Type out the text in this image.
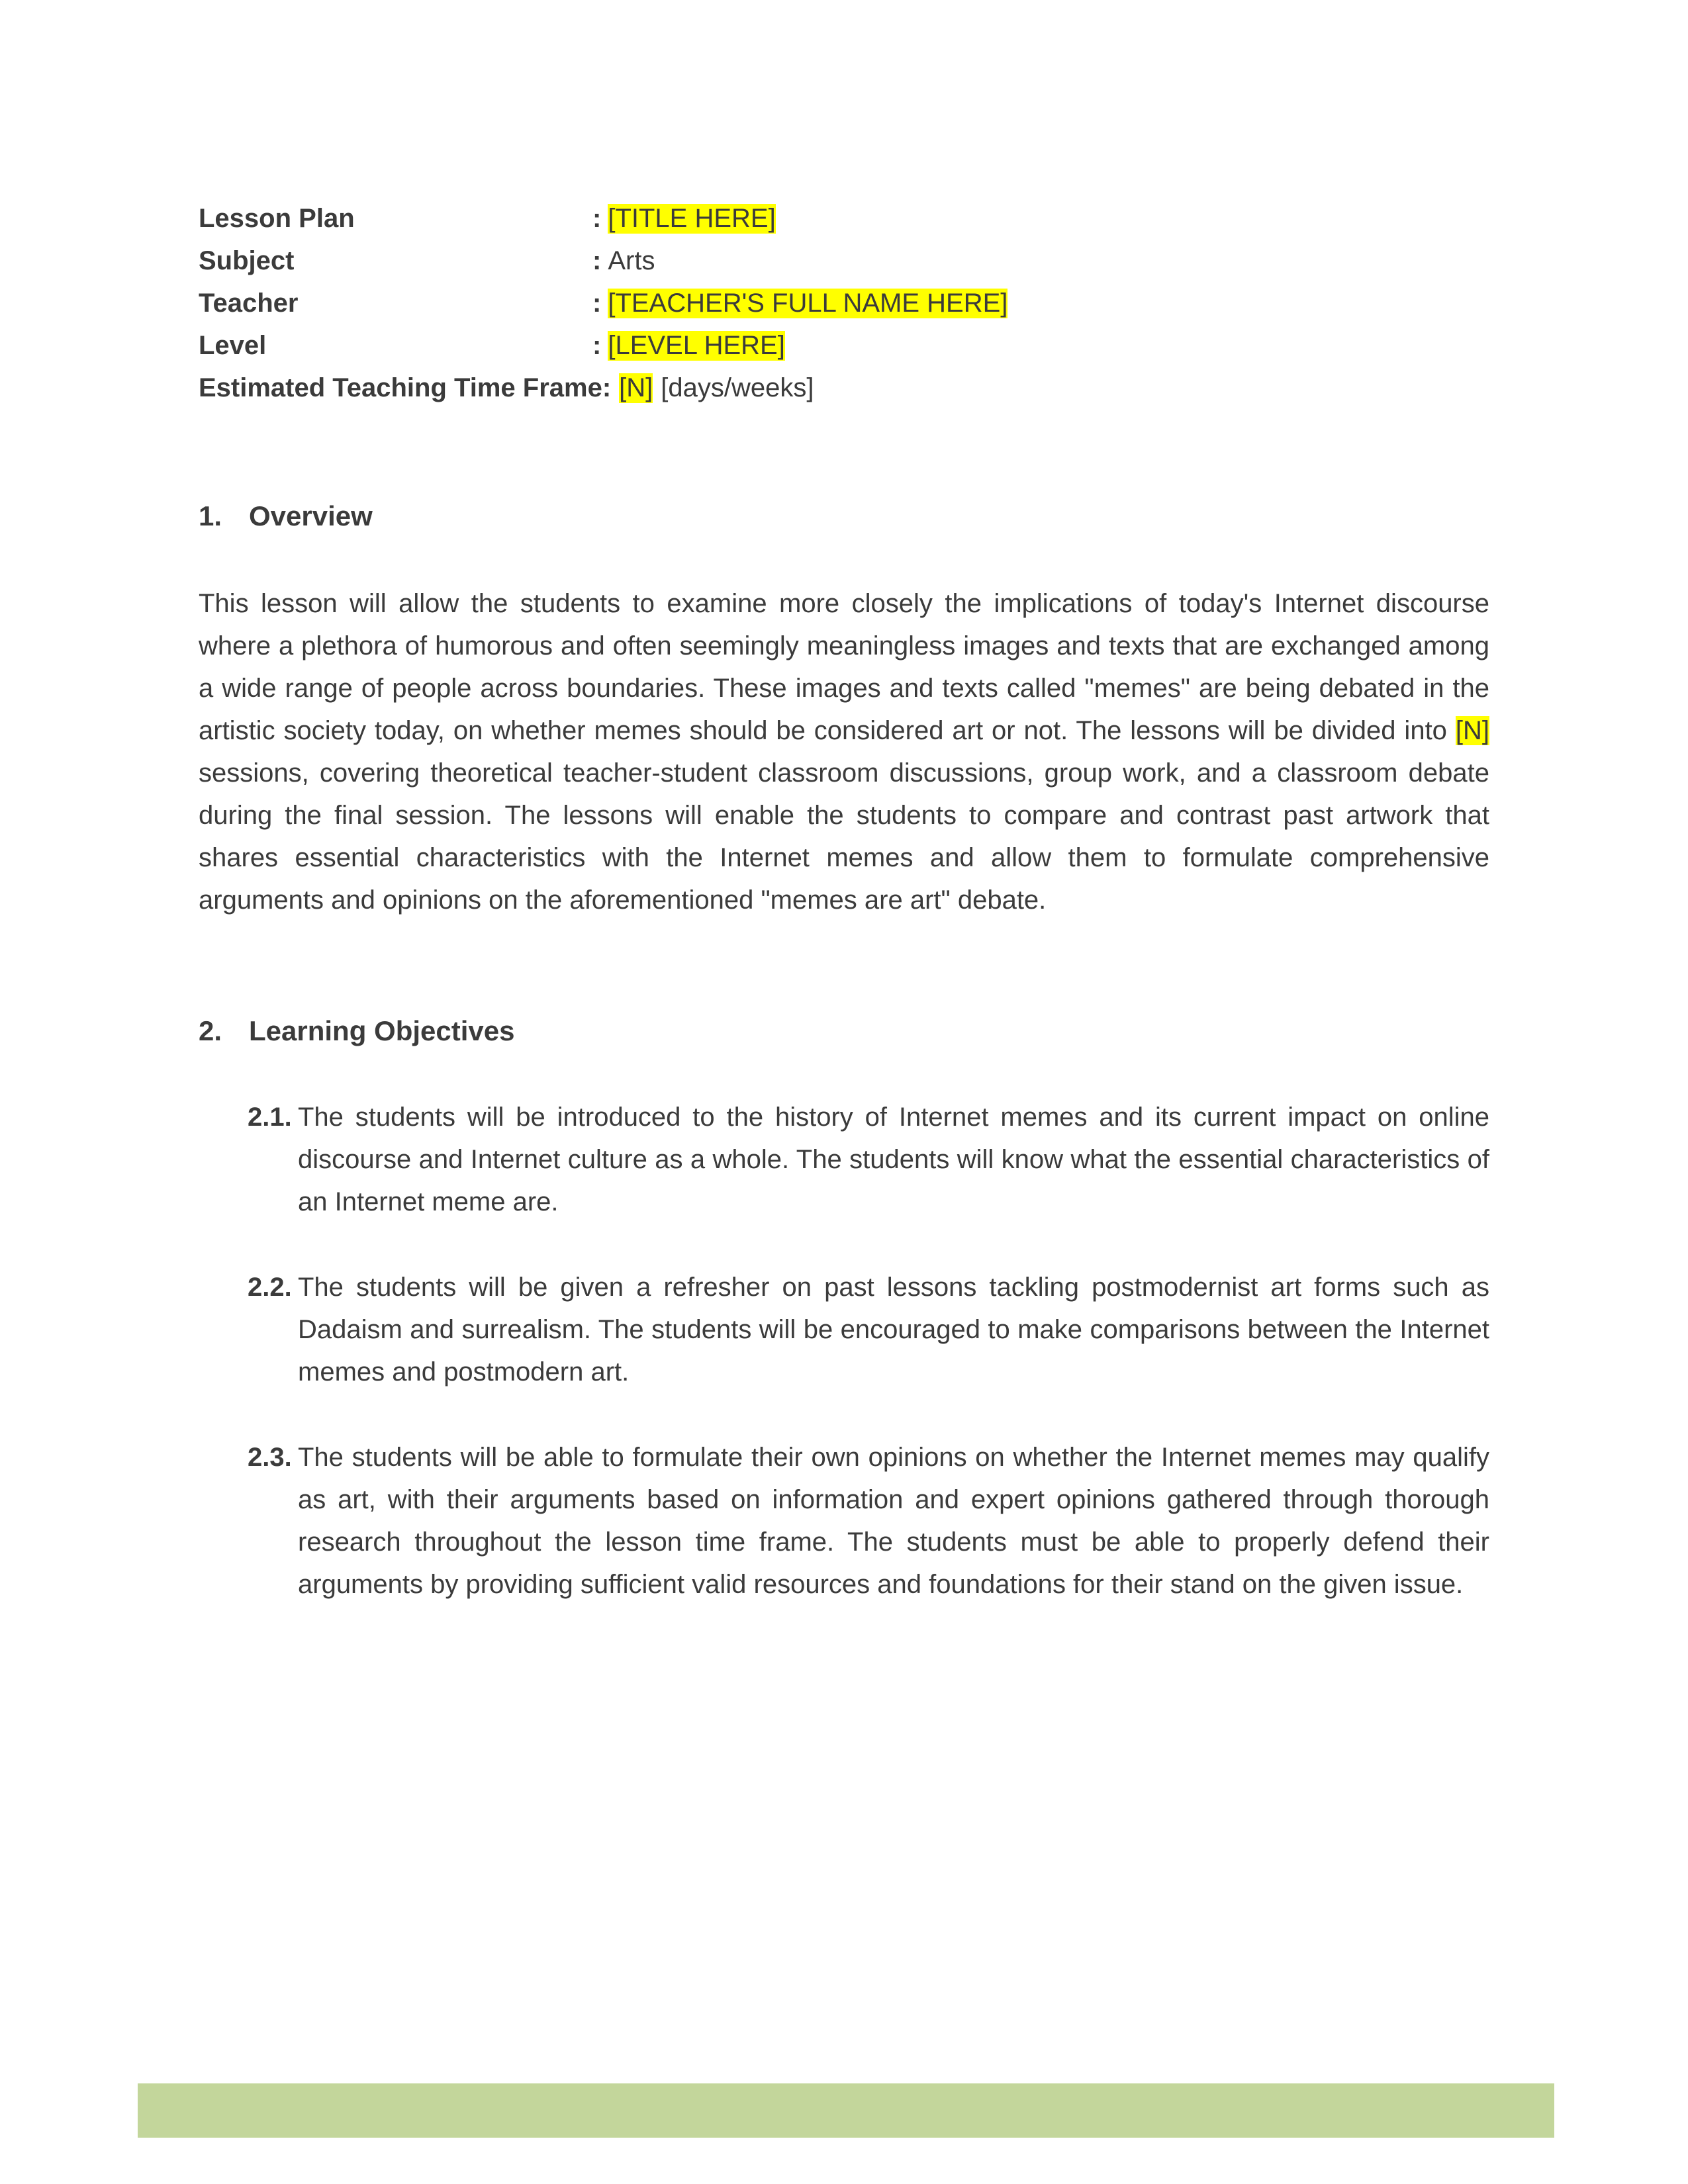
Lesson Plan	: [TITLE HERE]
Subject	: Arts
Teacher	: [TEACHER'S FULL NAME HERE]
Level	: [LEVEL HERE]
Estimated Teaching Time Frame : [N] [days/weeks]
1. Overview
This lesson will allow the students to examine more closely the implications of today's Internet discourse where a plethora of humorous and often seemingly meaningless images and texts that are exchanged among a wide range of people across boundaries. These images and texts called "memes" are being debated in the artistic society today, on whether memes should be considered art or not. The lessons will be divided into [N] sessions, covering theoretical teacher-student classroom discussions, group work, and a classroom debate during the final session. The lessons will enable the students to compare and contrast past artwork that shares essential characteristics with the Internet memes and allow them to formulate comprehensive arguments and opinions on the aforementioned "memes are art" debate.
2. Learning Objectives
2.1. The students will be introduced to the history of Internet memes and its current impact on online discourse and Internet culture as a whole. The students will know what the essential characteristics of an Internet meme are.
2.2. The students will be given a refresher on past lessons tackling postmodernist art forms such as Dadaism and surrealism. The students will be encouraged to make comparisons between the Internet memes and postmodern art.
2.3. The students will be able to formulate their own opinions on whether the Internet memes may qualify as art, with their arguments based on information and expert opinions gathered through thorough research throughout the lesson time frame. The students must be able to properly defend their arguments by providing sufficient valid resources and foundations for their stand on the given issue.
